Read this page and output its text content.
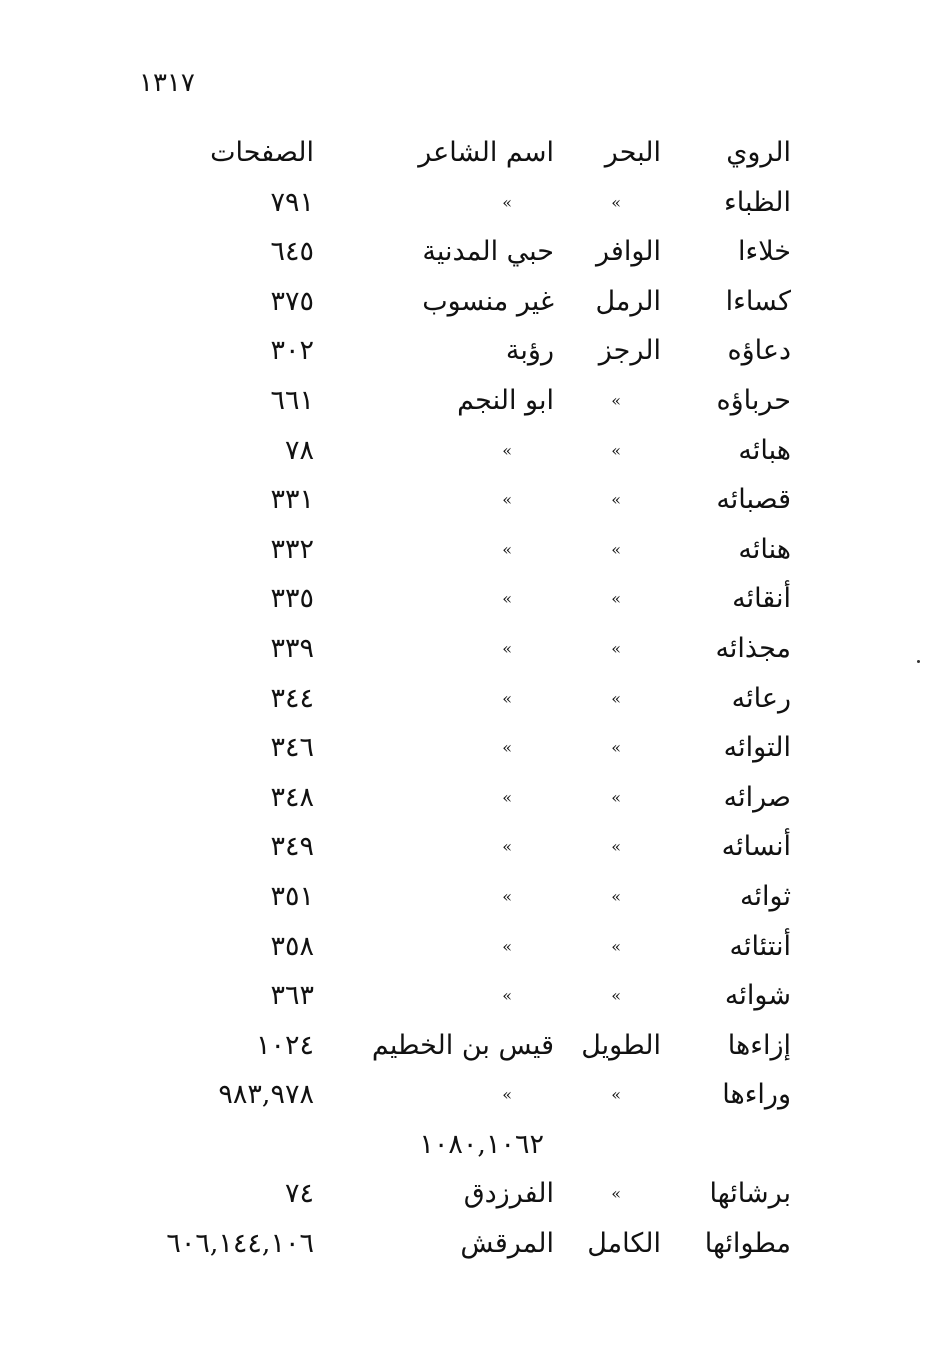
١٣١٧
الروي
البحر
اسم الشاعر
الصفحات
الظباء
»
»
٧٩١
خلاءا
الوافر
حبي المدنية
٦٤٥
كساءا
الرمل
غير منسوب
٣٧٥
دعاؤه
الرجز
رؤبة
٣٠٢
حرباؤه
»
ابو النجم
٦٦١
هبائه
»
»
٧٨
قصبائه
»
»
٣٣١
هنائه
»
»
٣٣٢
أنقائه
»
»
٣٣٥
مجذائه
»
»
٣٣٩
رعائه
»
»
٣٤٤
التوائه
»
»
٣٤٦
صرائه
»
»
٣٤٨
أنسائه
»
»
٣٤٩
ثوائه
»
»
٣٥١
أنتئائه
»
»
٣٥٨
شوائه
»
»
٣٦٣
إزاءها
الطويل
قيس بن الخطيم
١٠٢٤
وراءها
»
»
٩٨٣,٩٧٨
١٠٨٠,١٠٦٢
برشائها
»
الفرزدق
٧٤
مطوائها
الكامل
المرقش
٦٠٦,١٤٤,١٠٦
